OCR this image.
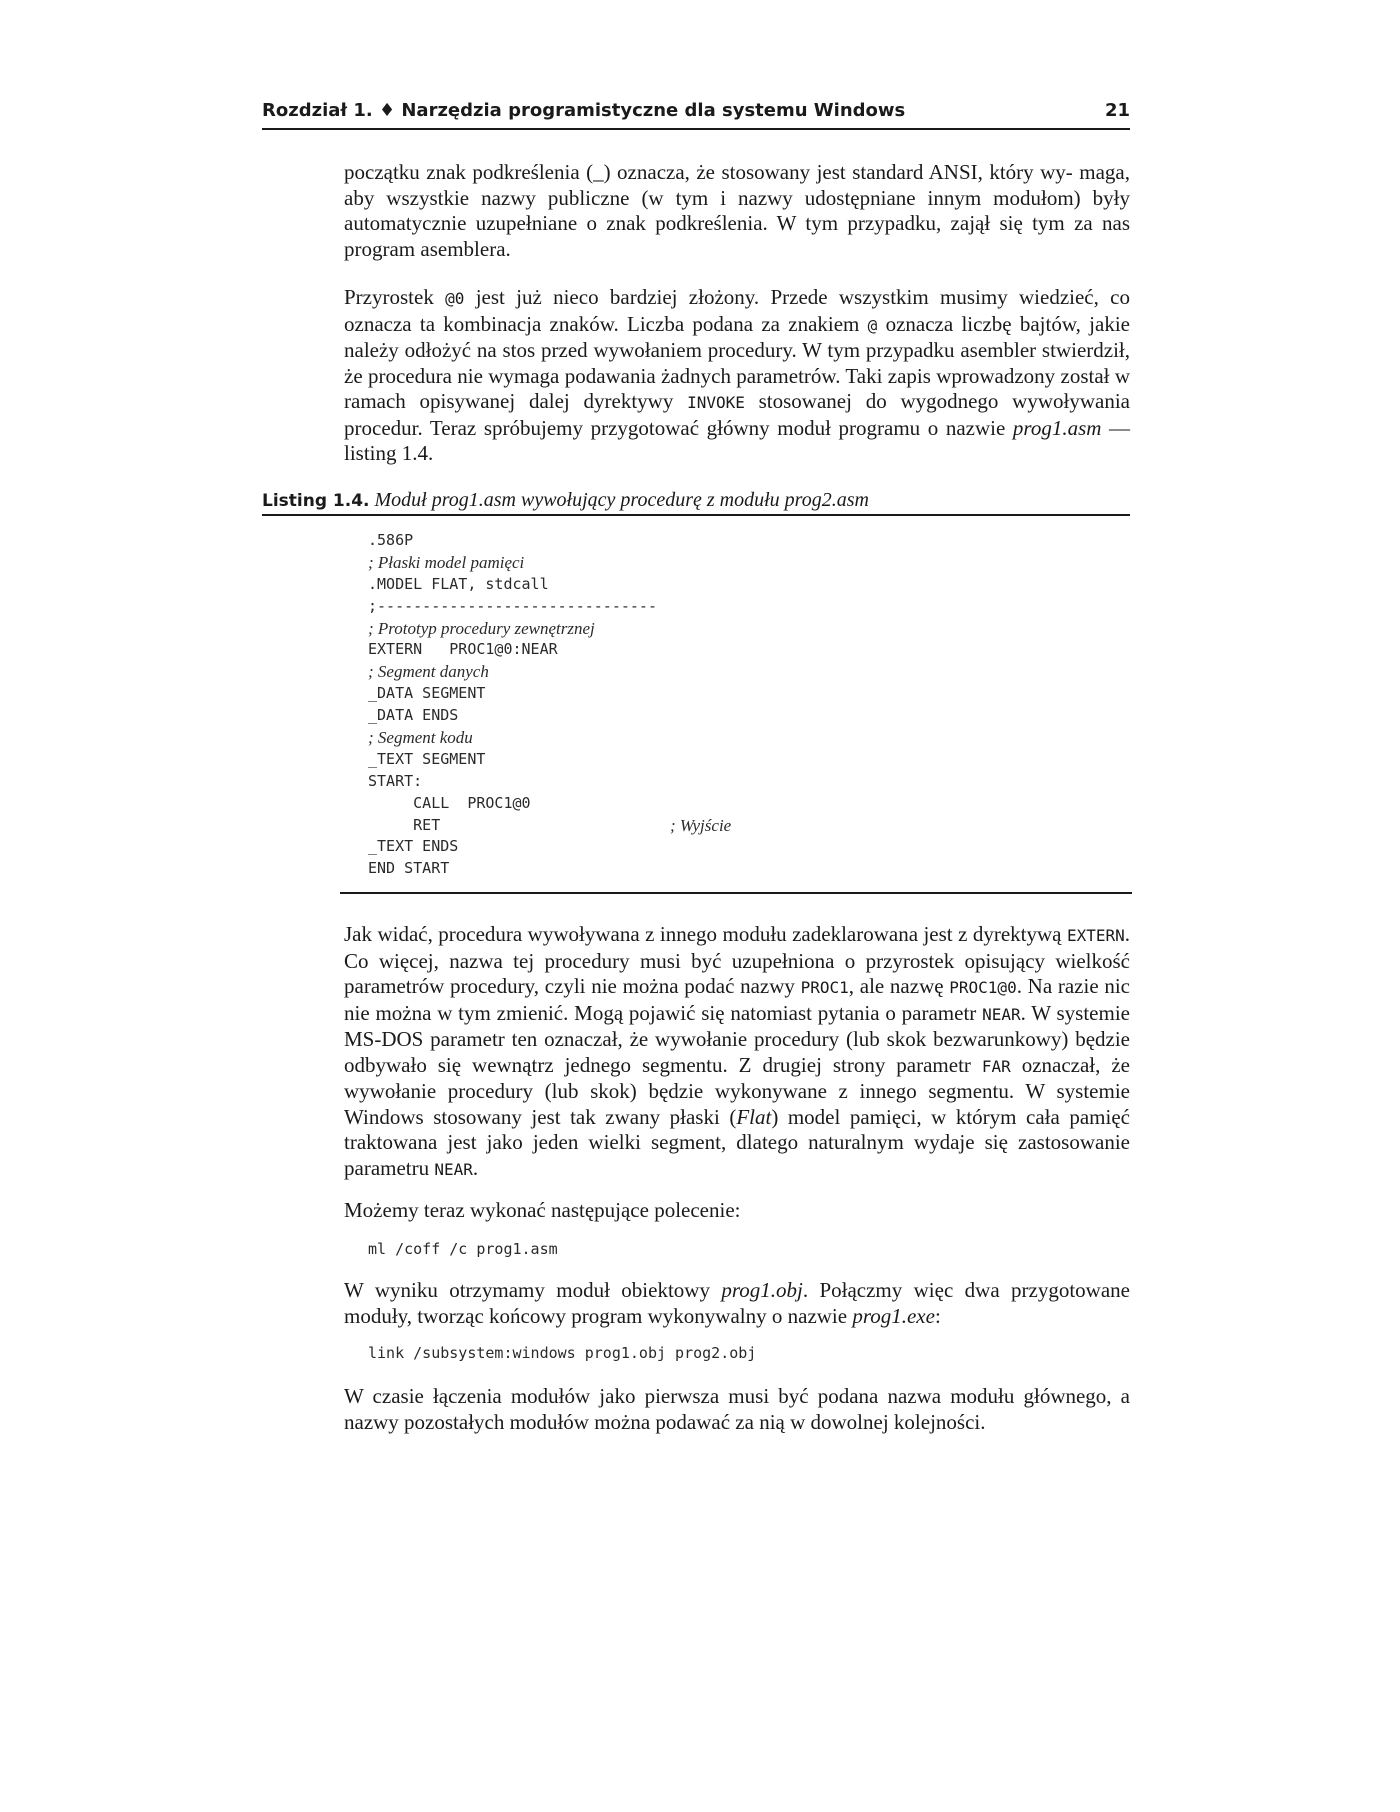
Rozdział 1. ♦ Narzędzia programistyczne dla systemu Windows	21

początku znak podkreślenia (_) oznacza, że stosowany jest standard ANSI, który wy- maga, aby wszystkie nazwy publiczne (w tym i nazwy udostępniane innym modułom) były automatycznie uzupełniane o znak podkreślenia. W tym przypadku, zajął się tym za nas program asemblera.

Przyrostek @0 jest już nieco bardziej złożony. Przede wszystkim musimy wiedzieć, co oznacza ta kombinacja znaków. Liczba podana za znakiem @ oznacza liczbę bajtów, jakie należy odłożyć na stos przed wywołaniem procedury. W tym przypadku asembler stwierdził, że procedura nie wymaga podawania żadnych parametrów. Taki zapis wprowadzony został w ramach opisywanej dalej dyrektywy INVOKE stosowanej do wygodnego wywoływania procedur. Teraz spróbujemy przygotować główny moduł programu o nazwie prog1.asm — listing 1.4.

Listing 1.4. Moduł prog1.asm wywołujący procedurę z modułu prog2.asm
.586P
; Płaski model pamięci
.MODEL FLAT, stdcall
;-------------------------------
; Prototyp procedury zewnętrznej
EXTERN   PROC1@0:NEAR
; Segment danych
_DATA SEGMENT
_DATA ENDS
; Segment kodu
_TEXT SEGMENT
START:
CALL  PROC1@0
RET	; Wyjście
_TEXT ENDS
END START

Jak widać, procedura wywoływana z innego modułu zadeklarowana jest z dyrektywą EXTERN. Co więcej, nazwa tej procedury musi być uzupełniona o przyrostek opisujący wielkość parametrów procedury, czyli nie można podać nazwy PROC1, ale nazwę PROC1@0. Na razie nic nie można w tym zmienić. Mogą pojawić się natomiast pytania o parametr NEAR. W systemie MS-DOS parametr ten oznaczał, że wywołanie procedury (lub skok bezwarunkowy) będzie odbywało się wewnątrz jednego segmentu. Z drugiej strony parametr FAR oznaczał, że wywołanie procedury (lub skok) będzie wykonywane z innego segmentu. W systemie Windows stosowany jest tak zwany płaski (Flat) model pamięci, w którym cała pamięć traktowana jest jako jeden wielki segment, dlatego naturalnym wydaje się zastosowanie parametru NEAR.

Możemy teraz wykonać następujące polecenie:

ml /coff /c prog1.asm

W wyniku otrzymamy moduł obiektowy prog1.obj. Połączmy więc dwa przygotowane moduły, tworząc końcowy program wykonywalny o nazwie prog1.exe:

link /subsystem:windows prog1.obj prog2.obj

W czasie łączenia modułów jako pierwsza musi być podana nazwa modułu głównego, a nazwy pozostałych modułów można podawać za nią w dowolnej kolejności.
